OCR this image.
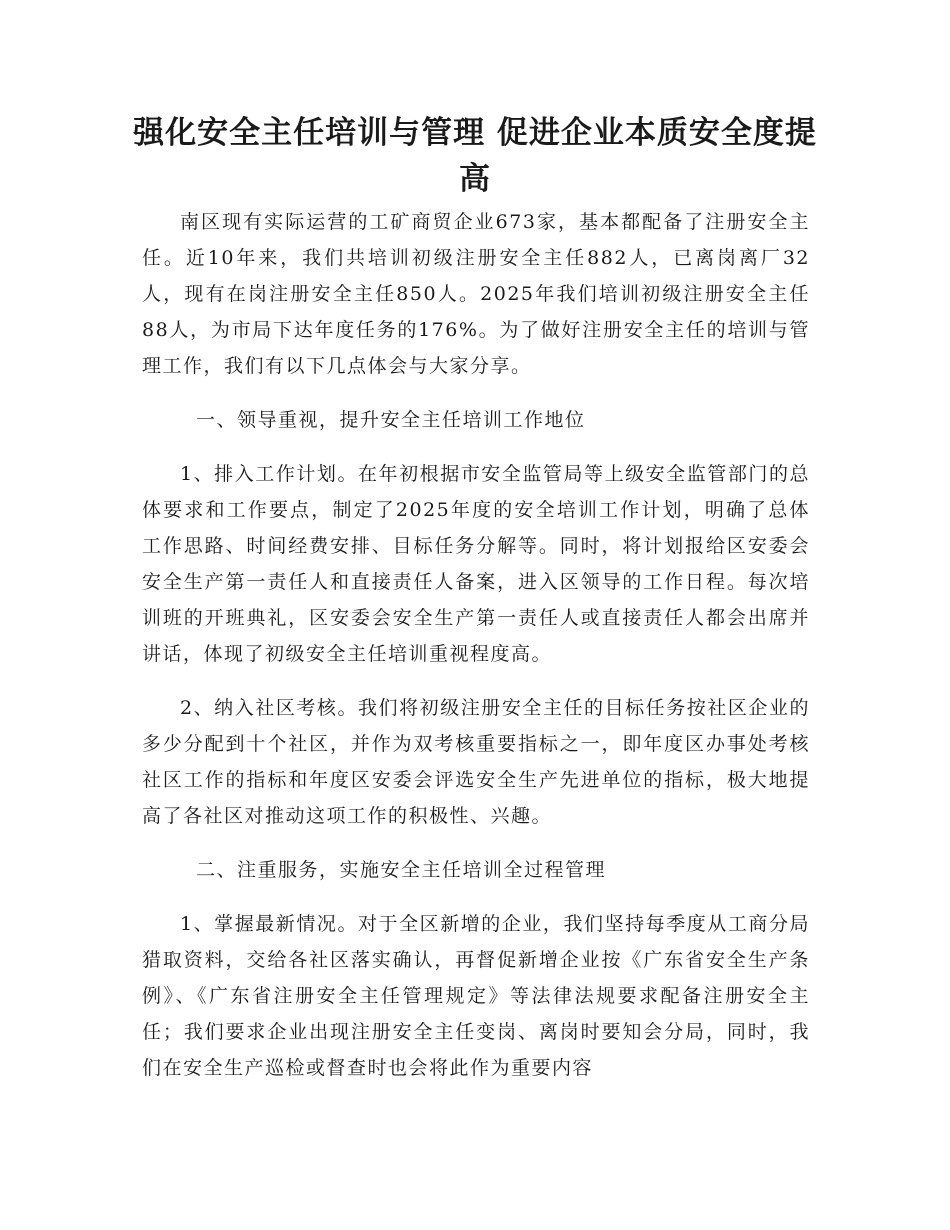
强化安全主任培训与管理 促进企业本质安全度提高

南区现有实际运营的工矿商贸企业673家，基本都配备了注册安全主任。近10年来，我们共培训初级注册安全主任882人，已离岗离厂32人，现有在岗注册安全主任850人。2025年我们培训初级注册安全主任88人，为市局下达年度任务的176%。为了做好注册安全主任的培训与管理工作，我们有以下几点体会与大家分享。

一、领导重视，提升安全主任培训工作地位

1、排入工作计划。在年初根据市安全监管局等上级安全监管部门的总体要求和工作要点，制定了2025年度的安全培训工作计划，明确了总体工作思路、时间经费安排、目标任务分解等。同时，将计划报给区安委会安全生产第一责任人和直接责任人备案，进入区领导的工作日程。每次培训班的开班典礼，区安委会安全生产第一责任人或直接责任人都会出席并讲话，体现了初级安全主任培训重视程度高。

2、纳入社区考核。我们将初级注册安全主任的目标任务按社区企业的多少分配到十个社区，并作为双考核重要指标之一，即年度区办事处考核社区工作的指标和年度区安委会评选安全生产先进单位的指标，极大地提高了各社区对推动这项工作的积极性、兴趣。

二、注重服务，实施安全主任培训全过程管理

1、掌握最新情况。对于全区新增的企业，我们坚持每季度从工商分局猎取资料，交给各社区落实确认，再督促新增企业按《广东省安全生产条例》、《广东省注册安全主任管理规定》等法律法规要求配备注册安全主任；我们要求企业出现注册安全主任变岗、离岗时要知会分局，同时，我们在安全生产巡检或督查时也会将此作为重要内容
